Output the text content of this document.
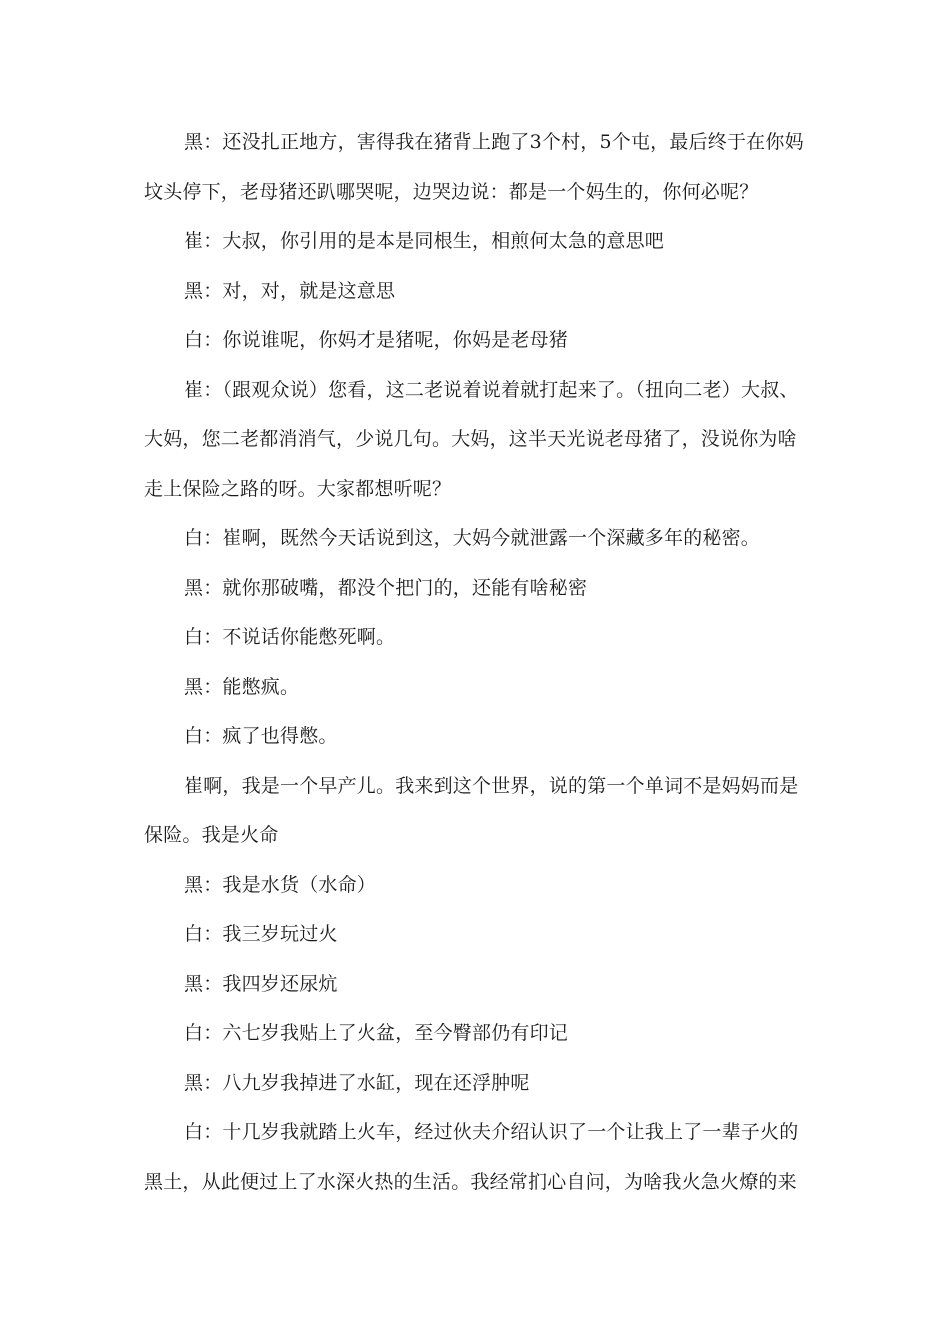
黑：还没扎正地方，害得我在猪背上跑了3个村，5个屯，最后终于在你妈坟头停下，老母猪还趴哪哭呢，边哭边说：都是一个妈生的，你何必呢？

崔：大叔，你引用的是本是同根生，相煎何太急的意思吧

黑：对，对，就是这意思

白：你说谁呢，你妈才是猪呢，你妈是老母猪

崔：（跟观众说）您看，这二老说着说着就打起来了。（扭向二老）大叔、大妈，您二老都消消气，少说几句。大妈，这半天光说老母猪了，没说你为啥走上保险之路的呀。大家都想听呢？

白：崔啊，既然今天话说到这，大妈今就泄露一个深藏多年的秘密。

黑：就你那破嘴，都没个把门的，还能有啥秘密

白：不说话你能憋死啊。

黑：能憋疯。

白：疯了也得憋。

崔啊，我是一个早产儿。我来到这个世界，说的第一个单词不是妈妈而是保险。我是火命

黑：我是水货（水命）

白：我三岁玩过火

黑：我四岁还尿炕

白：六七岁我贴上了火盆，至今臀部仍有印记

黑：八九岁我掉进了水缸，现在还浮肿呢

白：十几岁我就踏上火车，经过伙夫介绍认识了一个让我上了一辈子火的黑土，从此便过上了水深火热的生活。我经常扪心自问，为啥我火急火燎的来
